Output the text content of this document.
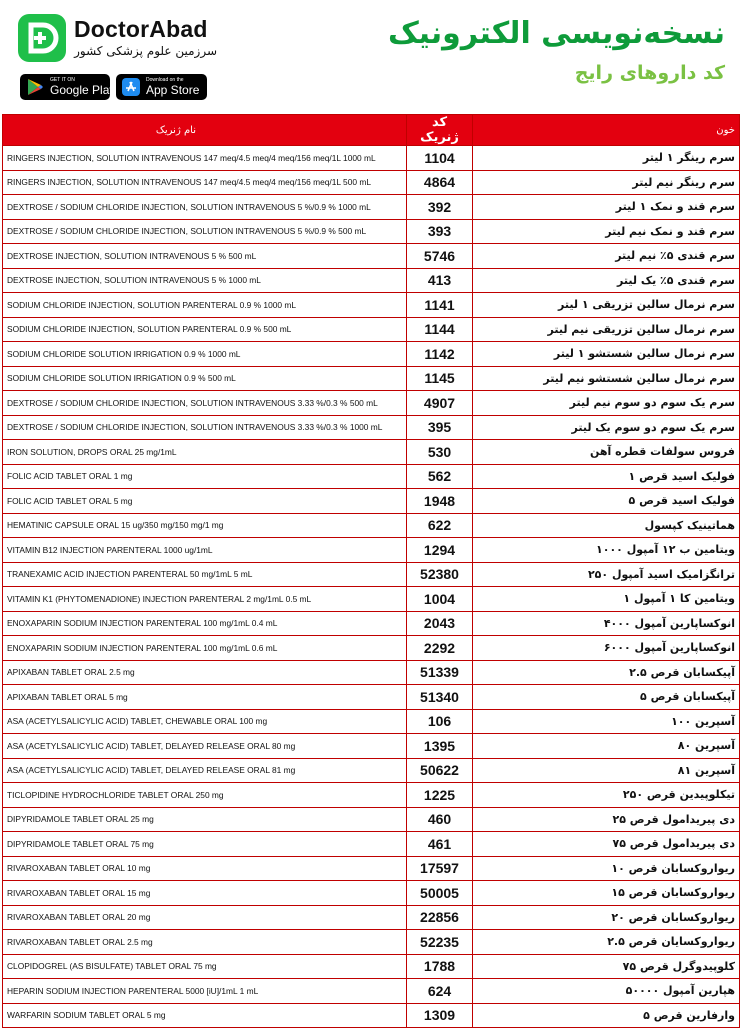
DoctorAbad
سرزمین علوم پزشکی کشور
GET IT ON
Google Play
Download on the
App Store
نسخه‌نویسی الکترونیک
کد داروهای رایج
نام ژنریک	کد ژنریک	خون
RINGERS INJECTION, SOLUTION INTRAVENOUS 147 meq/4.5 meq/4 meq/156 meq/1L 1000 mL	1104	سرم رینگر ۱ لیتر
RINGERS INJECTION, SOLUTION INTRAVENOUS 147 meq/4.5 meq/4 meq/156 meq/1L 500 mL	4864	سرم رینگر نیم لیتر
DEXTROSE / SODIUM CHLORIDE INJECTION, SOLUTION INTRAVENOUS 5 %/0.9 % 1000 mL	392	سرم قند و نمک ۱ لیتر
DEXTROSE / SODIUM CHLORIDE INJECTION, SOLUTION INTRAVENOUS 5 %/0.9 % 500 mL	393	سرم قند و نمک نیم لیتر
DEXTROSE INJECTION, SOLUTION INTRAVENOUS 5 % 500 mL	5746	سرم قندی ۵٪ نیم لیتر
DEXTROSE INJECTION, SOLUTION INTRAVENOUS 5 % 1000 mL	413	سرم قندی ۵٪ یک لیتر
SODIUM CHLORIDE INJECTION, SOLUTION PARENTERAL 0.9 % 1000 mL	1141	سرم نرمال سالین تزریقی ۱ لیتر
SODIUM CHLORIDE INJECTION, SOLUTION PARENTERAL 0.9 % 500 mL	1144	سرم نرمال سالین تزریقی نیم لیتر
SODIUM CHLORIDE SOLUTION IRRIGATION 0.9 % 1000 mL	1142	سرم نرمال سالین شستشو ۱ لیتر
SODIUM CHLORIDE SOLUTION IRRIGATION 0.9 % 500 mL	1145	سرم نرمال سالین شستشو نیم لیتر
DEXTROSE / SODIUM CHLORIDE INJECTION, SOLUTION INTRAVENOUS 3.33 %/0.3 % 500 mL	4907	سرم یک سوم دو سوم نیم لیتر
DEXTROSE / SODIUM CHLORIDE INJECTION, SOLUTION INTRAVENOUS 3.33 %/0.3 % 1000 mL	395	سرم یک سوم دو سوم یک لیتر
IRON SOLUTION, DROPS ORAL 25 mg/1mL	530	فروس سولفات قطره آهن
FOLIC ACID TABLET ORAL 1 mg	562	فولیک اسید قرص ۱
FOLIC ACID TABLET ORAL 5 mg	1948	فولیک اسید قرص ۵
HEMATINIC CAPSULE ORAL 15 ug/350 mg/150 mg/1 mg	622	هماتینیک کپسول
VITAMIN B12 INJECTION PARENTERAL 1000 ug/1mL	1294	ویتامین ب ۱۲ آمپول ۱۰۰۰
TRANEXAMIC ACID INJECTION PARENTERAL 50 mg/1mL 5 mL	52380	ترانگزامیک اسید آمپول ۲۵۰
VITAMIN K1 (PHYTOMENADIONE) INJECTION PARENTERAL 2 mg/1mL 0.5 mL	1004	ویتامین کا ۱ آمپول ۱
ENOXAPARIN SODIUM INJECTION PARENTERAL 100 mg/1mL 0.4 mL	2043	انوکساپارین آمپول ۴۰۰۰
ENOXAPARIN SODIUM INJECTION PARENTERAL 100 mg/1mL 0.6 mL	2292	انوکساپارین آمپول ۶۰۰۰
APIXABAN TABLET ORAL 2.5 mg	51339	آپیکسابان قرص ۲.۵
APIXABAN TABLET ORAL 5 mg	51340	آپیکسابان قرص ۵
ASA (ACETYLSALICYLIC ACID) TABLET, CHEWABLE ORAL 100 mg	106	آسپرین ۱۰۰
ASA (ACETYLSALICYLIC ACID) TABLET, DELAYED RELEASE ORAL 80 mg	1395	آسپرین ۸۰
ASA (ACETYLSALICYLIC ACID) TABLET, DELAYED RELEASE ORAL 81 mg	50622	آسپرین ۸۱
TICLOPIDINE HYDROCHLORIDE TABLET ORAL 250 mg	1225	تیکلوپیدین قرص ۲۵۰
DIPYRIDAMOLE TABLET ORAL 25 mg	460	دی پیریدامول قرص ۲۵
DIPYRIDAMOLE TABLET ORAL 75 mg	461	دی پیریدامول قرص ۷۵
RIVAROXABAN TABLET ORAL 10 mg	17597	ریواروکسابان قرص ۱۰
RIVAROXABAN TABLET ORAL 15 mg	50005	ریواروکسابان قرص ۱۵
RIVAROXABAN TABLET ORAL 20 mg	22856	ریواروکسابان قرص ۲۰
RIVAROXABAN TABLET ORAL 2.5 mg	52235	ریواروکسایان قرص ۲.۵
CLOPIDOGREL (AS BISULFATE) TABLET ORAL 75 mg	1788	کلوپیدوگرل قرص ۷۵
HEPARIN SODIUM INJECTION PARENTERAL 5000 [iU]/1mL 1 mL	624	هپارین آمپول ۵۰۰۰۰
WARFARIN SODIUM TABLET ORAL 5 mg	1309	وارفارین قرص ۵
